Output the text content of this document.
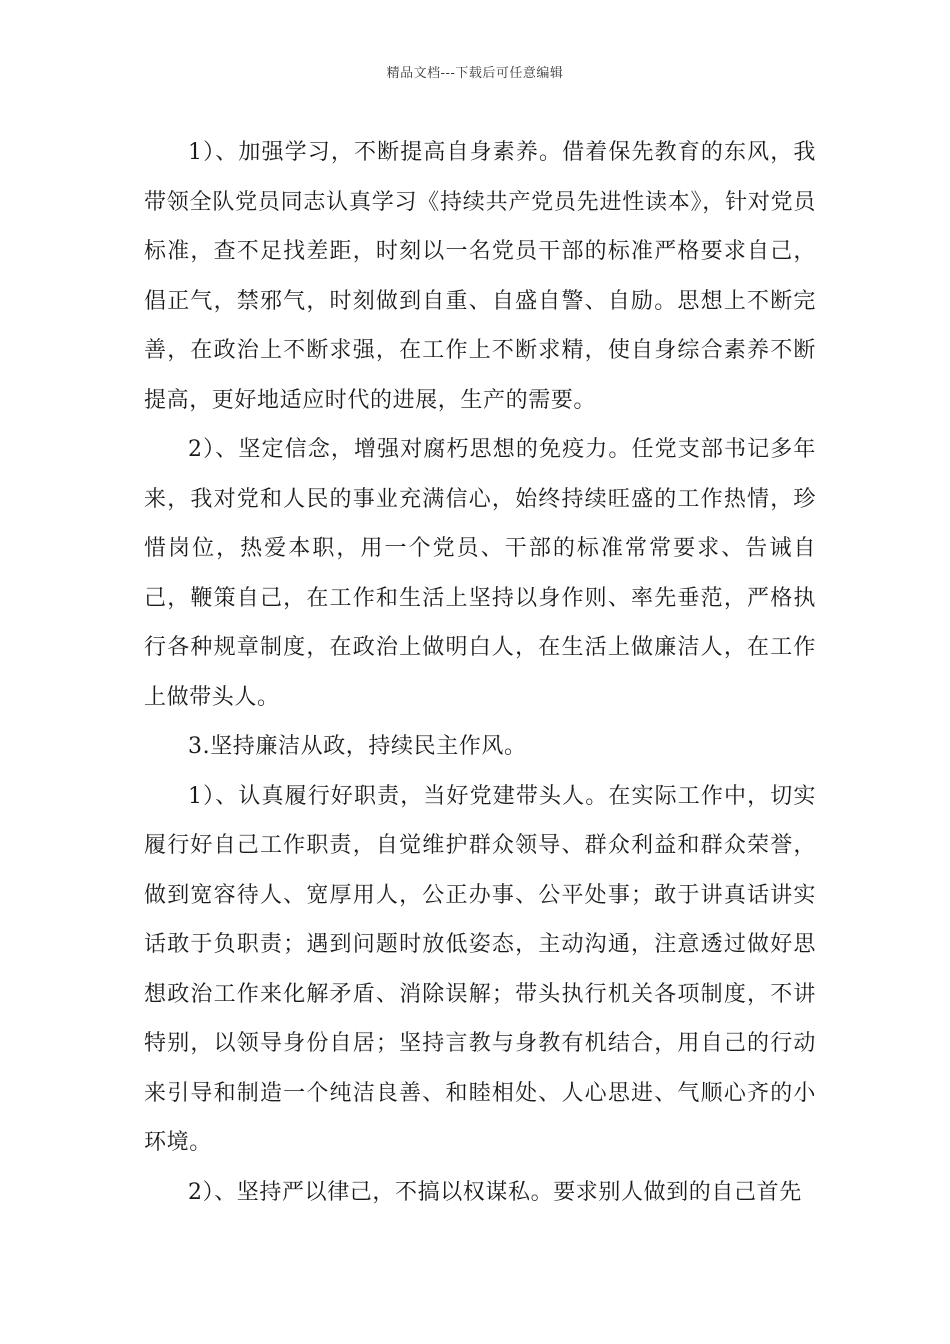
精品文档---下载后可任意编辑

1）、加强学习，不断提高自身素养。借着保先教育的东风，我带领全队党员同志认真学习《持续共产党员先进性读本》，针对党员标准，查不足找差距，时刻以一名党员干部的标准严格要求自己，倡正气，禁邪气，时刻做到自重、自盛自警、自励。思想上不断完善，在政治上不断求强，在工作上不断求精，使自身综合素养不断提高，更好地适应时代的进展，生产的需要。

2）、坚定信念，增强对腐朽思想的免疫力。任党支部书记多年来，我对党和人民的事业充满信心，始终持续旺盛的工作热情，珍惜岗位，热爱本职，用一个党员、干部的标准常常要求、告诫自己，鞭策自己，在工作和生活上坚持以身作则、率先垂范，严格执行各种规章制度，在政治上做明白人，在生活上做廉洁人，在工作上做带头人。

3.坚持廉洁从政，持续民主作风。

1）、认真履行好职责，当好党建带头人。在实际工作中，切实履行好自己工作职责，自觉维护群众领导、群众利益和群众荣誉，做到宽容待人、宽厚用人，公正办事、公平处事；敢于讲真话讲实话敢于负职责；遇到问题时放低姿态，主动沟通，注意透过做好思想政治工作来化解矛盾、消除误解；带头执行机关各项制度，不讲特别，以领导身份自居；坚持言教与身教有机结合，用自己的行动来引导和制造一个纯洁良善、和睦相处、人心思进、气顺心齐的小环境。

2）、坚持严以律己，不搞以权谋私。要求别人做到的自己首先
